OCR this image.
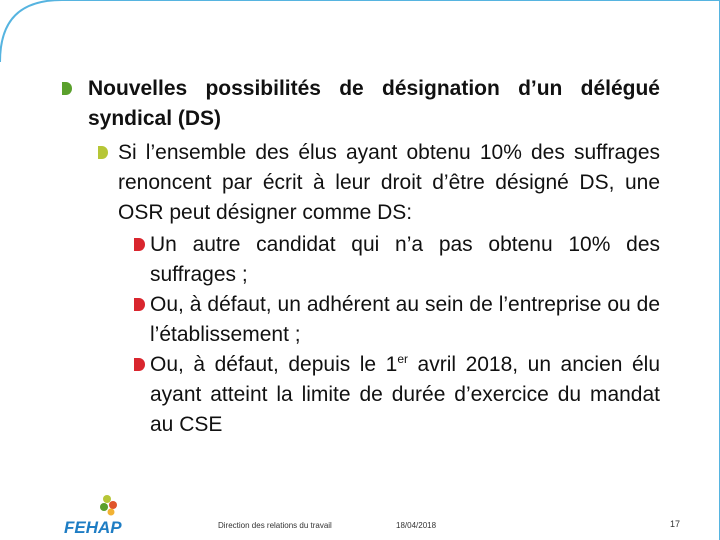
Nouvelles possibilités de désignation d’un délégué syndical (DS)
Si l’ensemble des élus ayant obtenu 10% des suffrages renoncent par écrit à leur droit d’être désigné DS, une OSR peut désigner comme DS:
Un autre candidat qui n’a pas obtenu 10% des suffrages ;
Ou, à défaut, un adhérent au sein de l’entreprise ou de l’établissement ;
Ou, à défaut, depuis le 1er avril 2018, un ancien élu ayant atteint la limite de durée d’exercice du mandat au CSE
FEHAP	Direction des relations du travail	18/04/2018	17
